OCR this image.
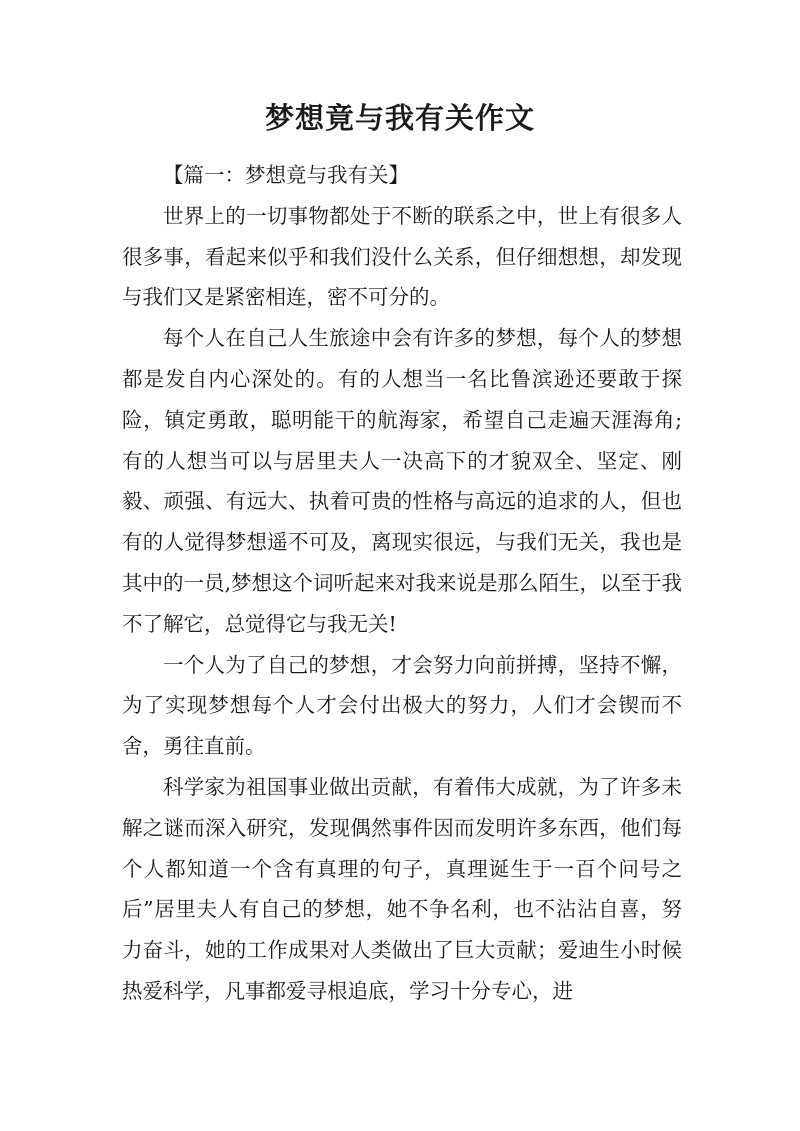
梦想竟与我有关作文

【篇一：梦想竟与我有关】

世界上的一切事物都处于不断的联系之中，世上有很多人很多事，看起来似乎和我们没什么关系，但仔细想想，却发现与我们又是紧密相连，密不可分的。

每个人在自己人生旅途中会有许多的梦想，每个人的梦想都是发自内心深处的。有的人想当一名比鲁滨逊还要敢于探险，镇定勇敢，聪明能干的航海家，希望自己走遍天涯海角;有的人想当可以与居里夫人一决高下的才貌双全、坚定、刚毅、顽强、有远大、执着可贵的性格与高远的追求的人，但也有的人觉得梦想遥不可及，离现实很远，与我们无关，我也是其中的一员,梦想这个词听起来对我来说是那么陌生，以至于我不了解它，总觉得它与我无关!

一个人为了自己的梦想，才会努力向前拼搏，坚持不懈，为了实现梦想每个人才会付出极大的努力，人们才会锲而不舍，勇往直前。

科学家为祖国事业做出贡献，有着伟大成就，为了许多未解之谜而深入研究，发现偶然事件因而发明许多东西，他们每个人都知道一个含有真理的句子，真理诞生于一百个问号之后”居里夫人有自己的梦想，她不争名利，也不沾沾自喜，努力奋斗，她的工作成果对人类做出了巨大贡献；爱迪生小时候热爱科学，凡事都爱寻根追底，学习十分专心，进
